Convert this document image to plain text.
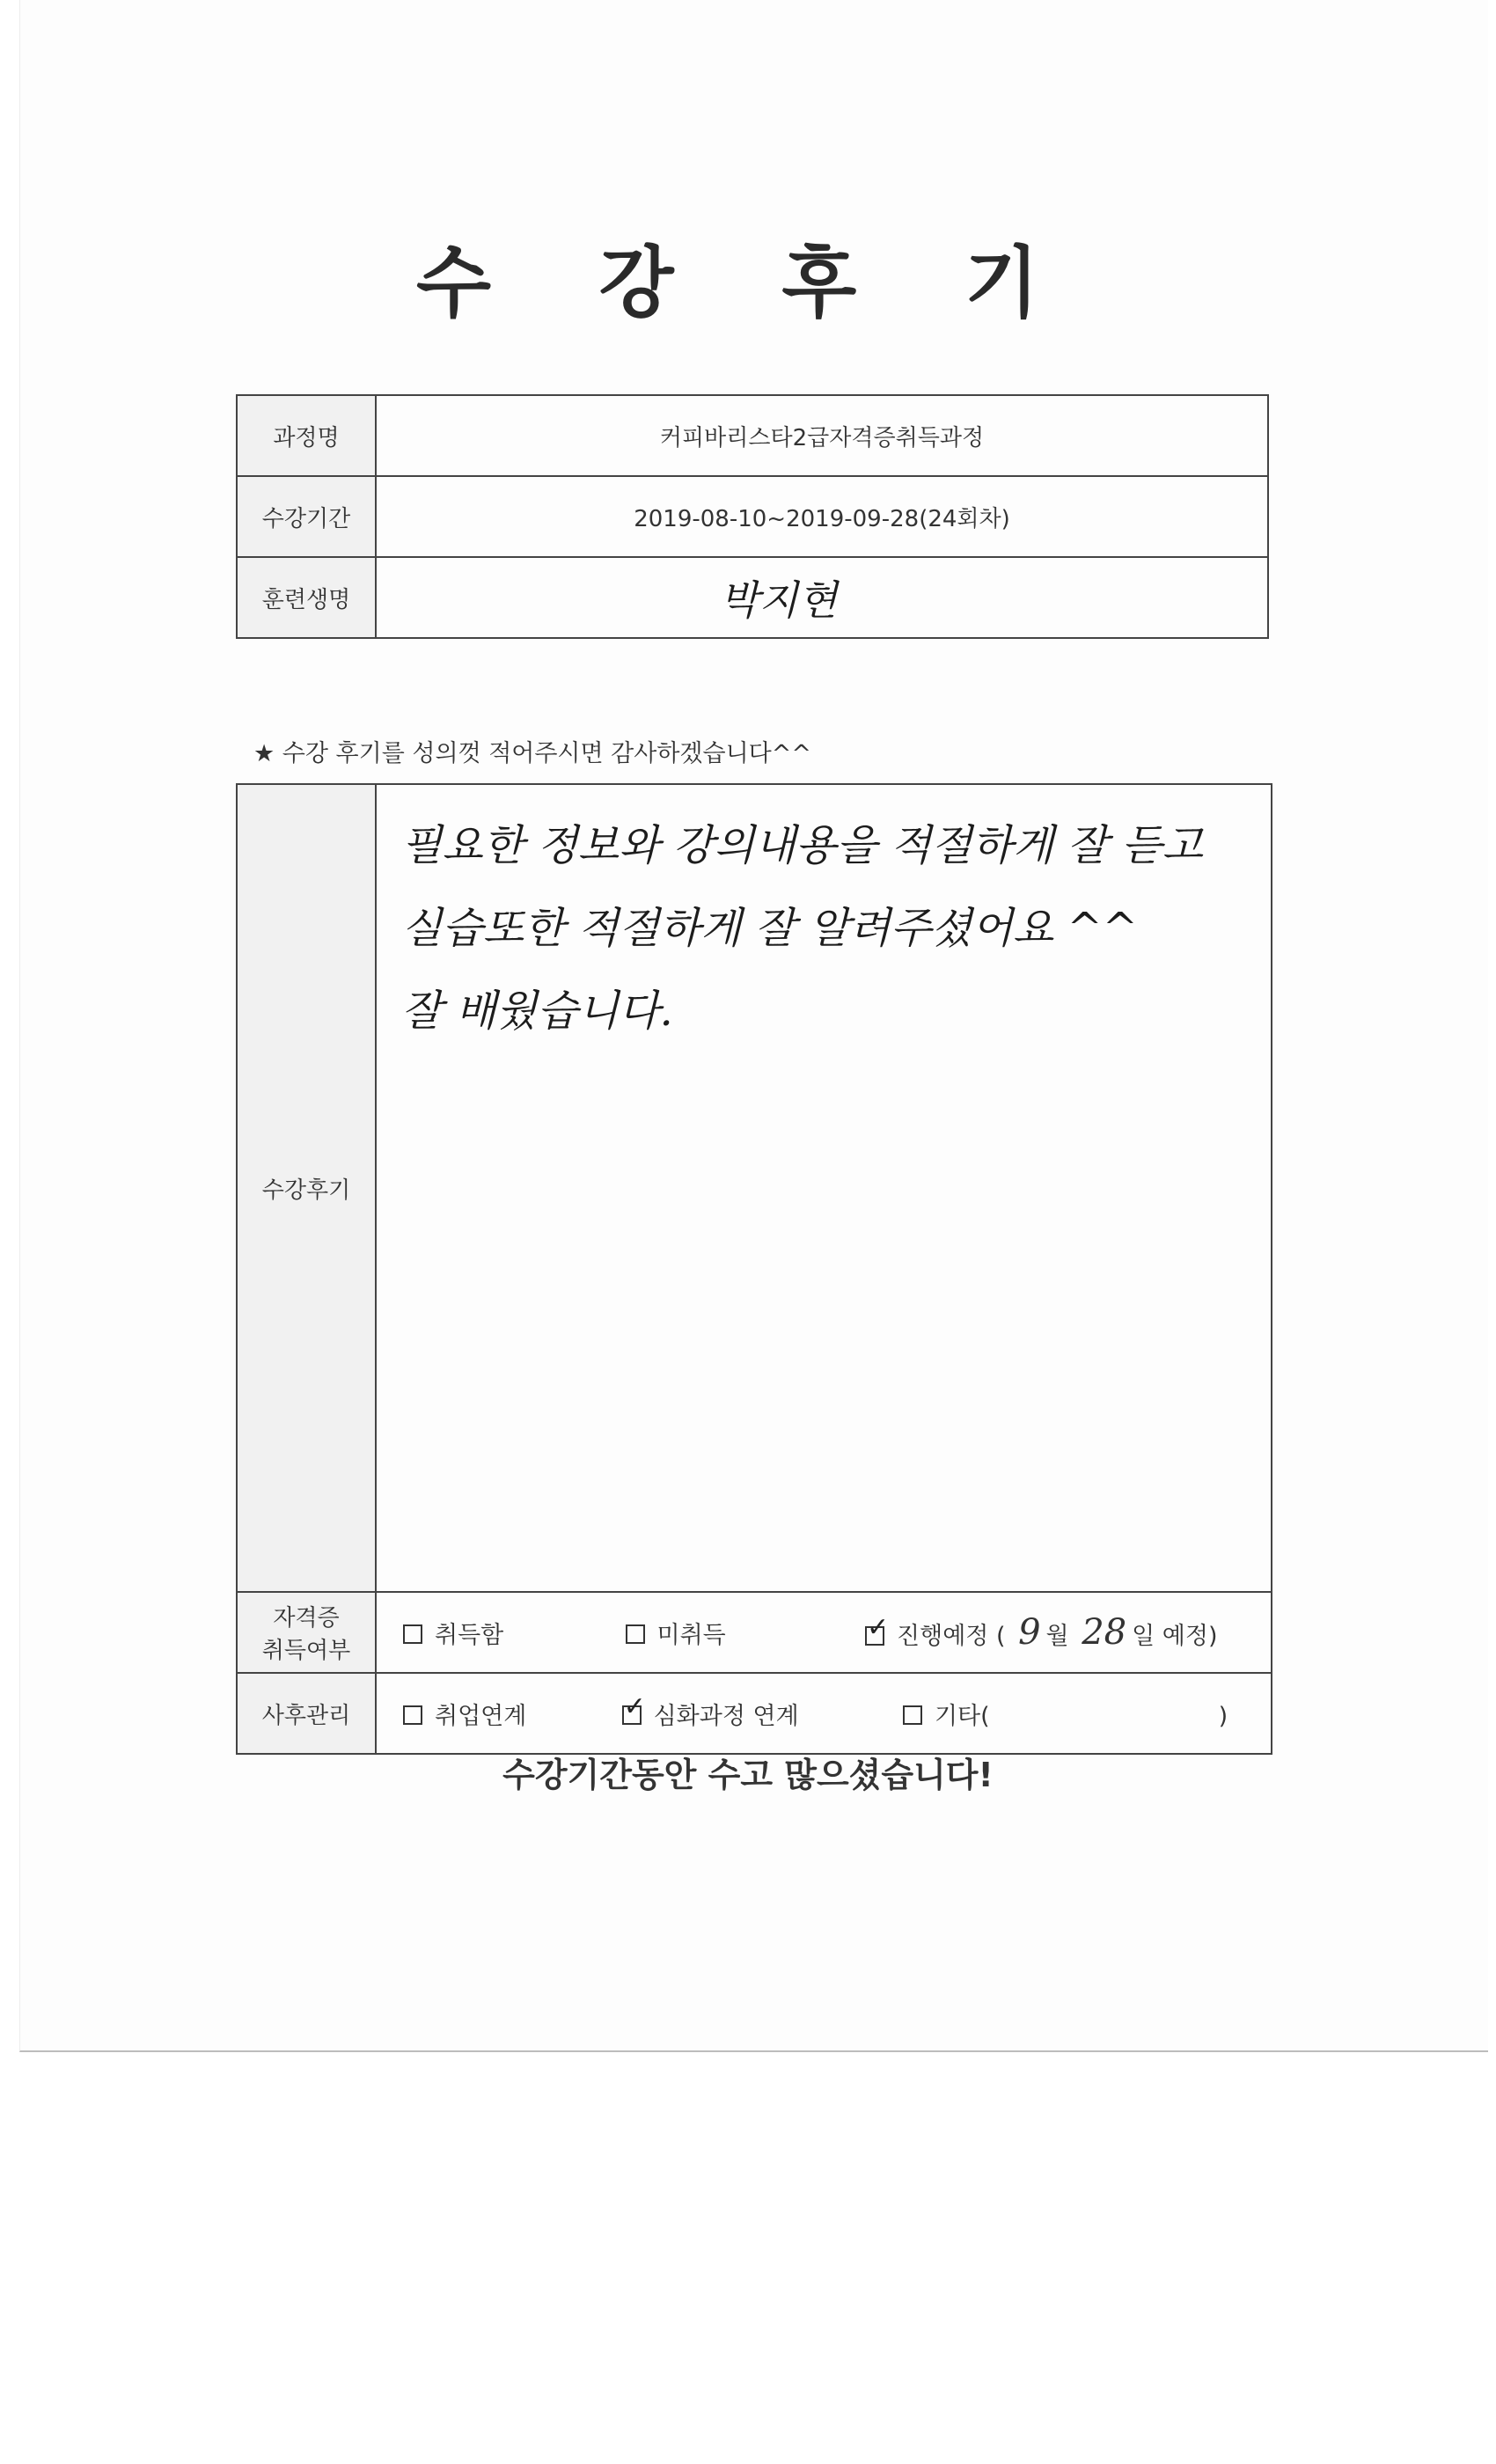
수 강 후 기
과정명	커피바리스타2급자격증취득과정
수강기간	2019-08-10~2019-09-28(24회차)
훈련생명	박지현
★ 수강 후기를 성의껏 적어주시면 감사하겠습니다^^
수강후기	필요한 정보와 강의내용을 적절하게 잘 듣고
실습또한 적절하게 잘 알려주셨어요 ^^
잘 배웠습니다.

자격증
취득여부	취득함 미취득 ✓ 진행예정 ( 9 월 28 일 예정)
사후관리	취업연계 ✓ 심화과정 연계 기타( )
수강기간동안 수고 많으셨습니다!
